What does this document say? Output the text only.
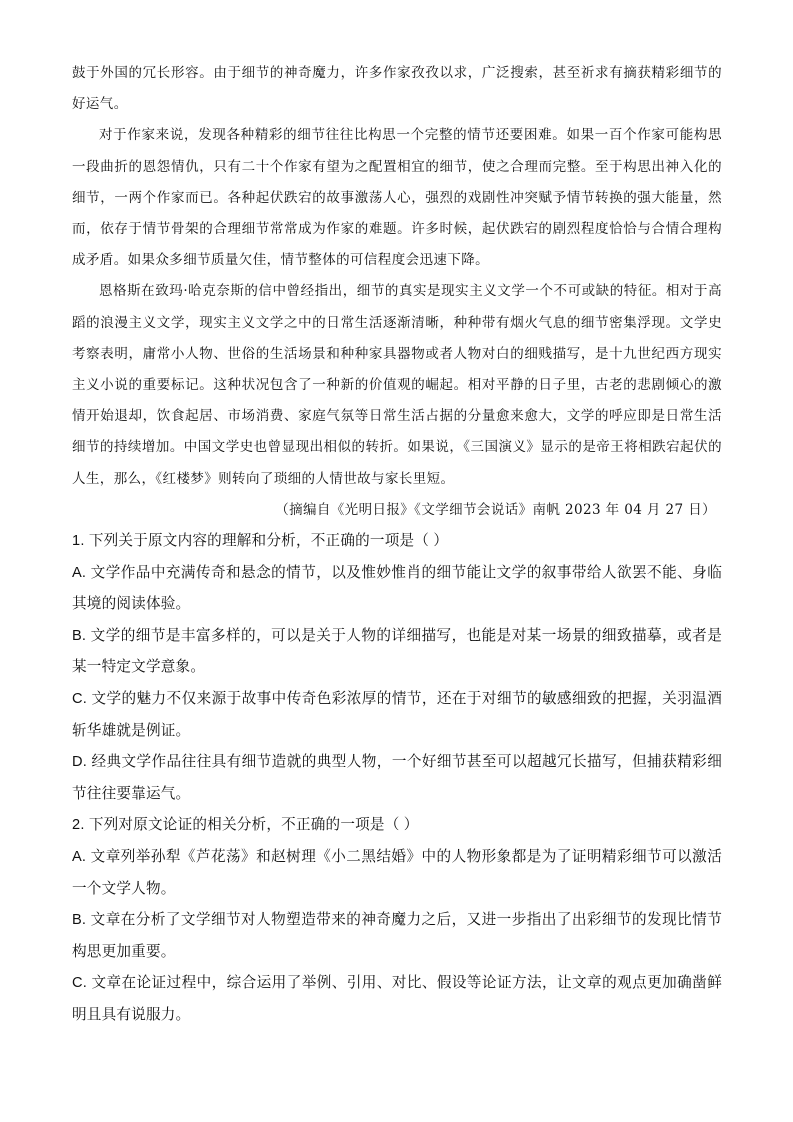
鼓于外国的冗长形容。由于细节的神奇魔力，许多作家孜孜以求，广泛搜索，甚至祈求有摘获精彩细节的好运气。

对于作家来说，发现各种精彩的细节往往比构思一个完整的情节还要困难。如果一百个作家可能构思一段曲折的恩怨情仇，只有二十个作家有望为之配置相宜的细节，使之合理而完整。至于构思出神入化的细节，一两个作家而已。各种起伏跌宕的故事激荡人心，强烈的戏剧性冲突赋予情节转换的强大能量，然而，依存于情节骨架的合理细节常常成为作家的难题。许多时候，起伏跌宕的剧烈程度恰恰与合情合理构成矛盾。如果众多细节质量欠佳，情节整体的可信程度会迅速下降。

恩格斯在致玛·哈克奈斯的信中曾经指出，细节的真实是现实主义文学一个不可或缺的特征。相对于高蹈的浪漫主义文学，现实主义文学之中的日常生活逐渐清晰，种种带有烟火气息的细节密集浮现。文学史考察表明，庸常小人物、世俗的生活场景和种种家具器物或者人物对白的细贱描写，是十九世纪西方现实主义小说的重要标记。这种状况包含了一种新的价值观的崛起。相对平静的日子里，古老的悲剧倾心的激情开始退却，饮食起居、市场消费、家庭气氛等日常生活占据的分量愈来愈大，文学的呼应即是日常生活细节的持续增加。中国文学史也曾显现出相似的转折。如果说，《三国演义》显示的是帝王将相跌宕起伏的人生，那么，《红楼梦》则转向了琐细的人情世故与家长里短。

（摘编自《光明日报》《文学细节会说话》南帆 2023 年 04 月 27 日）

1. 下列关于原文内容的理解和分析，不正确的一项是（ ）

A. 文学作品中充满传奇和悬念的情节，以及惟妙惟肖的细节能让文学的叙事带给人欲罢不能、身临其境的阅读体验。

B. 文学的细节是丰富多样的，可以是关于人物的详细描写，也能是对某一场景的细致描摹，或者是某一特定文学意象。

C. 文学的魅力不仅来源于故事中传奇色彩浓厚的情节，还在于对细节的敏感细致的把握，关羽温酒斩华雄就是例证。

D. 经典文学作品往往具有细节造就的典型人物，一个好细节甚至可以超越冗长描写，但捕获精彩细节往往要靠运气。

2. 下列对原文论证的相关分析，不正确的一项是（ ）

A. 文章列举孙犁《芦花荡》和赵树理《小二黑结婚》中的人物形象都是为了证明精彩细节可以激活一个文学人物。

B. 文章在分析了文学细节对人物塑造带来的神奇魔力之后，又进一步指出了出彩细节的发现比情节构思更加重要。

C. 文章在论证过程中，综合运用了举例、引用、对比、假设等论证方法，让文章的观点更加确凿鲜明且具有说服力。
